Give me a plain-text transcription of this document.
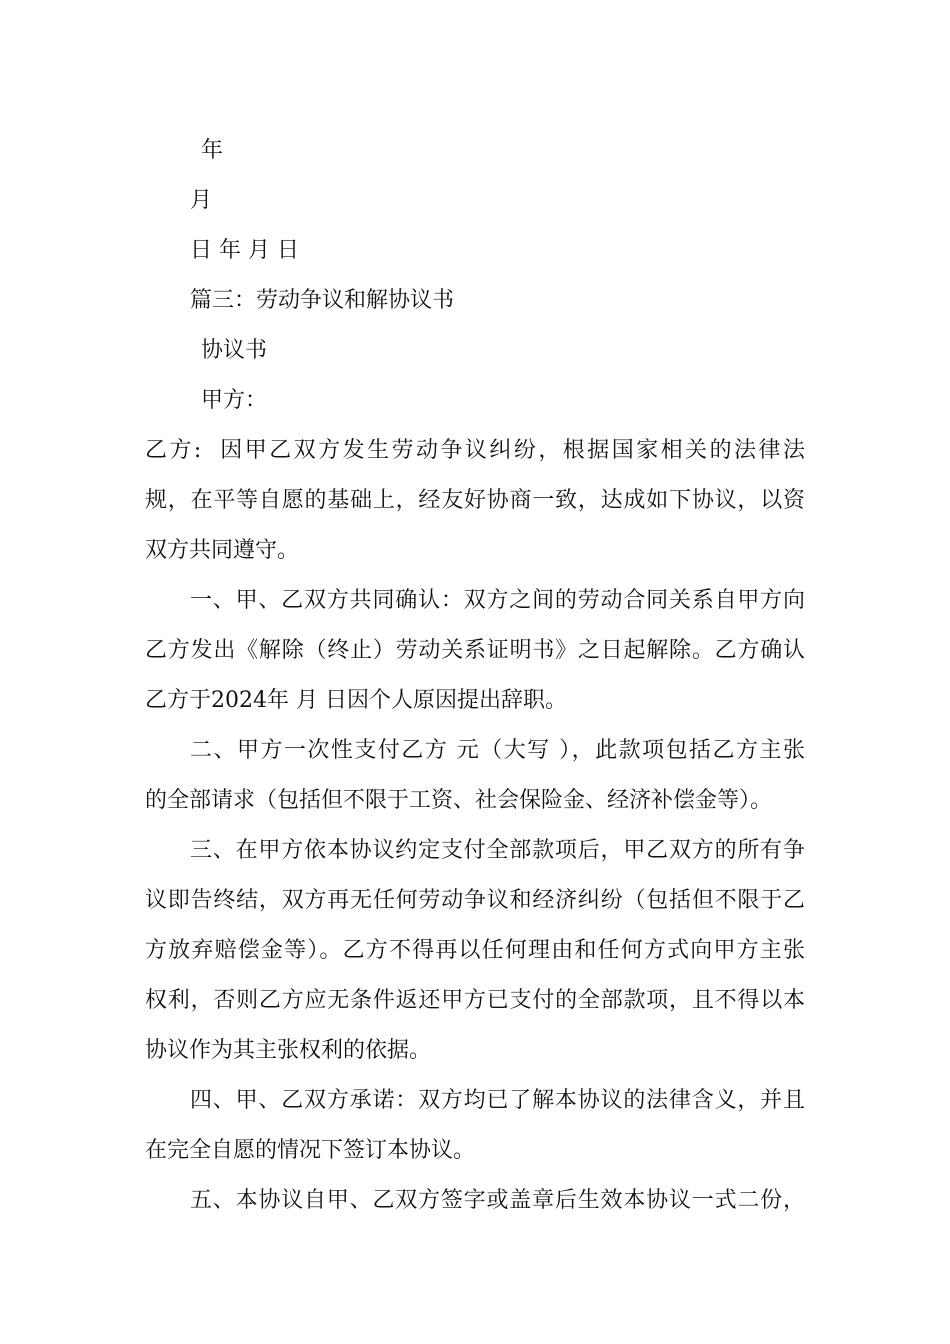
年
月
日 年 月 日
篇三：劳动争议和解协议书
协议书
甲方：
乙方:  因甲乙双方发生劳动争议纠纷，根据国家相关的法律法
规，在平等自愿的基础上，经友好协商一致，达成如下协议，以资
双方共同遵守。
一、甲、乙双方共同确认：双方之间的劳动合同关系自甲方向
乙方发出《解除（终止）劳动关系证明书》之日起解除。乙方确认
乙方于2024年 月 日因个人原因提出辞职。
二、甲方一次性支付乙方 元（大写 ），此款项包括乙方主张
的全部请求（包括但不限于工资、社会保险金、经济补偿金等）。
三、在甲方依本协议约定支付全部款项后，甲乙双方的所有争
议即告终结，双方再无任何劳动争议和经济纠纷（包括但不限于乙
方放弃赔偿金等）。乙方不得再以任何理由和任何方式向甲方主张
权利，否则乙方应无条件返还甲方已支付的全部款项，且不得以本
协议作为其主张权利的依据。
四、甲、乙双方承诺：双方均已了解本协议的法律含义，并且
在完全自愿的情况下签订本协议。
五、本协议自甲、乙双方签字或盖章后生效本协议一式二份，
